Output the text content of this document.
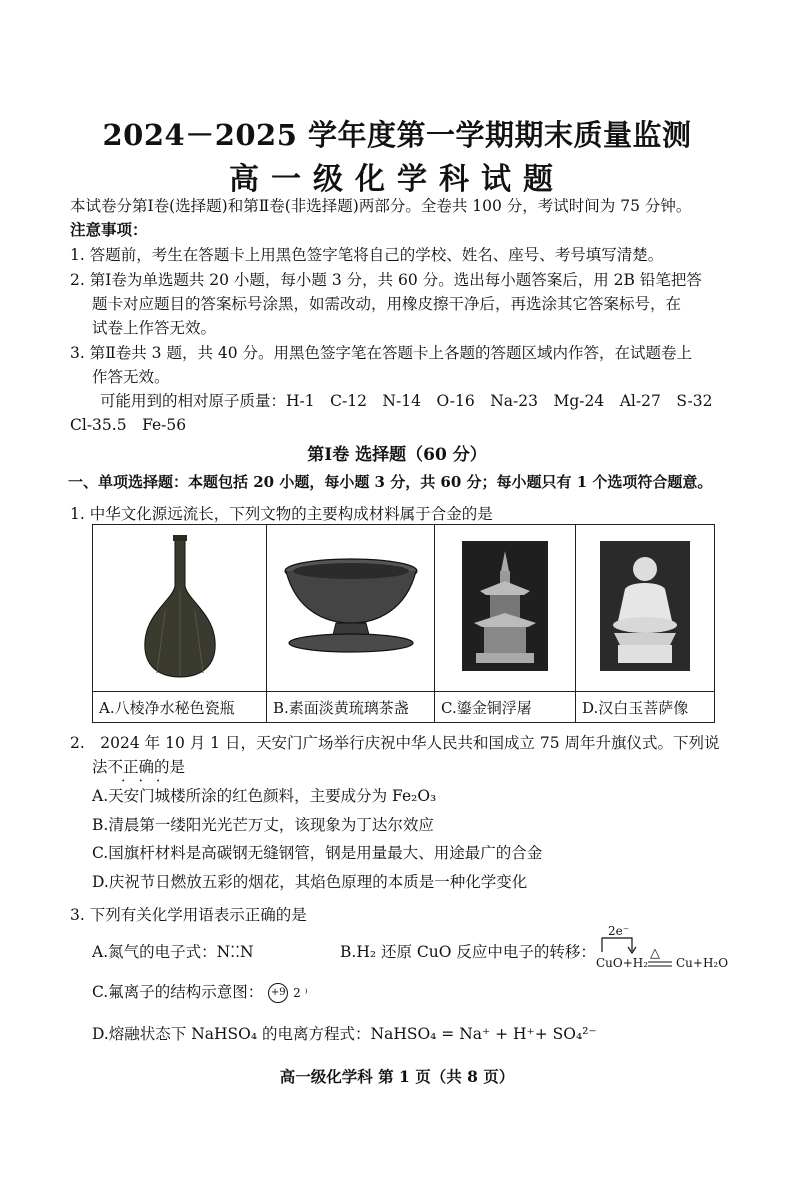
2024－2025 学年度第一学期期末质量监测
高一级化学科试题
本试卷分第Ⅰ卷(选择题)和第Ⅱ卷(非选择题)两部分。全卷共 100 分，考试时间为 75 分钟。
注意事项：
1. 答题前，考生在答题卡上用黑色签字笔将自己的学校、姓名、座号、考号填写清楚。
2. 第Ⅰ卷为单选题共 20 小题，每小题 3 分，共 60 分。选出每小题答案后，用 2B 铅笔把答
题卡对应题目的答案标号涂黑，如需改动，用橡皮擦干净后，再选涂其它答案标号，在
试卷上作答无效。
3. 第Ⅱ卷共 3 题，共 40 分。用黑色签字笔在答题卡上各题的答题区域内作答，在试题卷上
作答无效。
可能用到的相对原子质量：H-1　C-12　N-14　O-16　Na-23　Mg-24　Al-27　S-32
Cl-35.5　Fe-56
第Ⅰ卷 选择题（60 分）
一、单项选择题：本题包括 20 小题，每小题 3 分，共 60 分；每小题只有 1 个选项符合题意。
1. 中华文化源远流长，下列文物的主要构成材料属于合金的是

A.八棱净水秘色瓷瓶	B.素面淡黄琉璃茶盏	C.鎏金铜浮屠	D.汉白玉菩萨像
2.　2024 年 10 月 1 日，天安门广场举行庆祝中华人民共和国成立 75 周年升旗仪式。下列说
法不正确 • • •的是
A.天安门城楼所涂的红色颜料，主要成分为 Fe₂O₃
B.清晨第一缕阳光光芒万丈，该现象为丁达尔效应
C.国旗杆材料是高碳钢无缝钢管，钢是用量最大、用途最广的合金
D.庆祝节日燃放五彩的烟花，其焰色原理的本质是一种化学变化
3. 下列有关化学用语表示正确的是
A.氮气的电子式：N⁚⁚N	B.H₂ 还原 CuO 反应中电子的转移：
2e⁻
CuO+H₂
△
Cu+H₂O
C.氟离子的结构示意图： +9 2 ⁾
D.熔融状态下 NaHSO₄ 的电离方程式：NaHSO₄ = Na⁺ + H⁺+ SO₄²⁻
高一级化学科 第 1 页（共 8 页）
